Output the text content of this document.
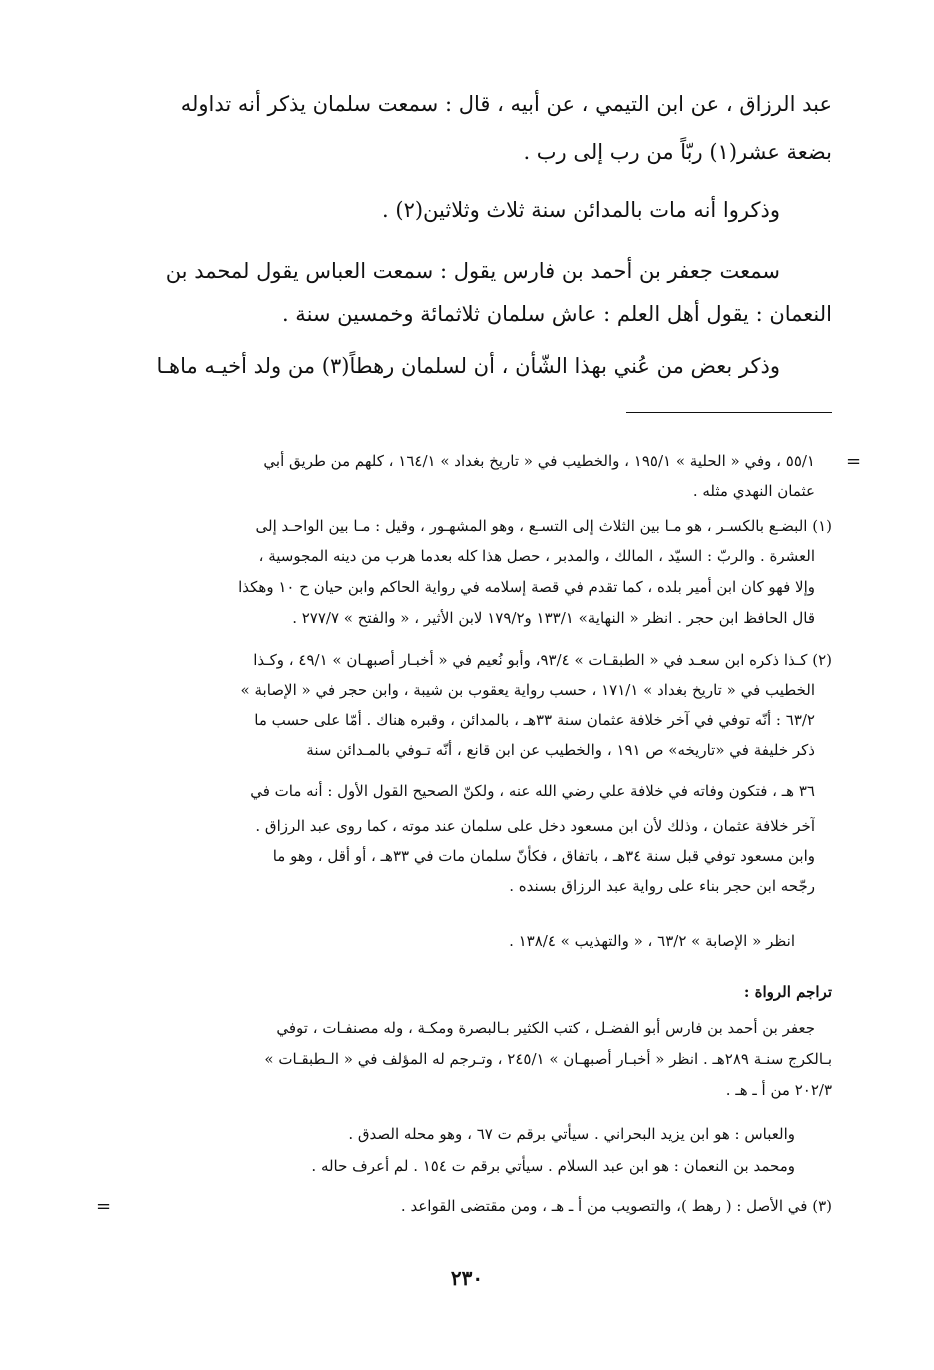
عبد الرزاق ، عن ابن التيمي ، عن أبيه ، قال : سمعت سلمان يذكر أنه تداوله
بضعة عشر(١) ربّاً من رب إلى رب .
وذكروا أنه مات بالمدائن سنة ثلاث وثلاثين(٢) .
سمعت جعفر بن أحمد بن فارس يقول : سمعت العباس يقول لمحمد بن
النعمان : يقول أهل العلم : عاش سلمان ثلاثمائة وخمسين سنة .
وذكر بعض من عُني بهذا الشّأن ، أن لسلمان رهطاً(٣) من ولد أخيـه ماهـا
=
٥٥/١ ، وفي « الحلية » ١٩٥/١ ، والخطيب في « تاريخ بغداد » ١٦٤/١ ، كلهم من طريق أبي
عثمان النهدي مثله .
(١) البضـع بالكسـر ، هو مـا بين الثلاث إلى التسـع ، وهو المشهـور ، وقيل : مـا بين الواحـد إلى
العشرة . والربّ : السيّد ، المالك ، والمدبر ، حصل هذا كله بعدما هرب من دينه المجوسية ،
وإلا فهو كان ابن أمير بلده ، كما تقدم في قصة إسلامه في رواية الحاكم وابن حيان ح ١٠ وهكذا
قال الحافظ ابن حجر . انظر « النهاية» ١٣٣/١ و١٧٩/٢ لابن الأثير ، « والفتح » ٢٧٧/٧ .
(٢) كـذا ذكره ابن سعـد في « الطبقـات » ٩٣/٤، وأبو نُعيم في « أخبـار أصبهـان » ٤٩/١ ، وكـذا
الخطيب في « تاريخ بغداد » ١٧١/١ ، حسب رواية يعقوب بن شيبة ، وابن حجر في « الإصابة »
٦٣/٢ : أنّه توفي في آخر خلافة عثمان سنة ٣٣هـ ، بالمدائن ، وقبره هناك . أمّا على حسب ما
ذكر خليفة في «تاريخه» ص ١٩١ ، والخطيب عن ابن قانع ، أنّه تـوفي بالمـدائن سنة
٣٦ هـ ، فتكون وفاته في خلافة علي رضي الله عنه ، ولكنّ الصحيح القول الأول : أنه مات في
آخر خلافة عثمان ، وذلك لأن ابن مسعود دخل على سلمان عند موته ، كما روى عبد الرزاق .
وابن مسعود توفي قبل سنة ٣٤هـ ، باتفاق ، فكأنّ سلمان مات في ٣٣هـ ، أو أقل ، وهو ما
رجّحه ابن حجر بناء على رواية عبد الرزاق بسنده .
انظر « الإصابة » ٦٣/٢ ، « والتهذيب » ١٣٨/٤ .
تراجم الرواة :
جعفر بن أحمد بن فارس أبو الفضـل ، كتب الكثير بـالبصرة ومكـة ، وله مصنفـات ، توفي
بـالكرج سنـة ٢٨٩هـ . انظر « أخبـار أصبهـان » ٢٤٥/١ ، وتـرجم له المؤلف في « الـطبقـات »
٢٠٢/٣ من أ ـ هـ .
والعباس : هو ابن يزيد البحراني . سيأتي برقم ت ٦٧ ، وهو محله الصدق .
ومحمد بن النعمان : هو ابن عبد السلام . سيأتي برقم ت ١٥٤ . لم أعرف حاله .
(٣) في الأصل : ( رهط )، والتصويب من أ ـ هـ ، ومن مقتضى القواعد .
=
٢٣٠
